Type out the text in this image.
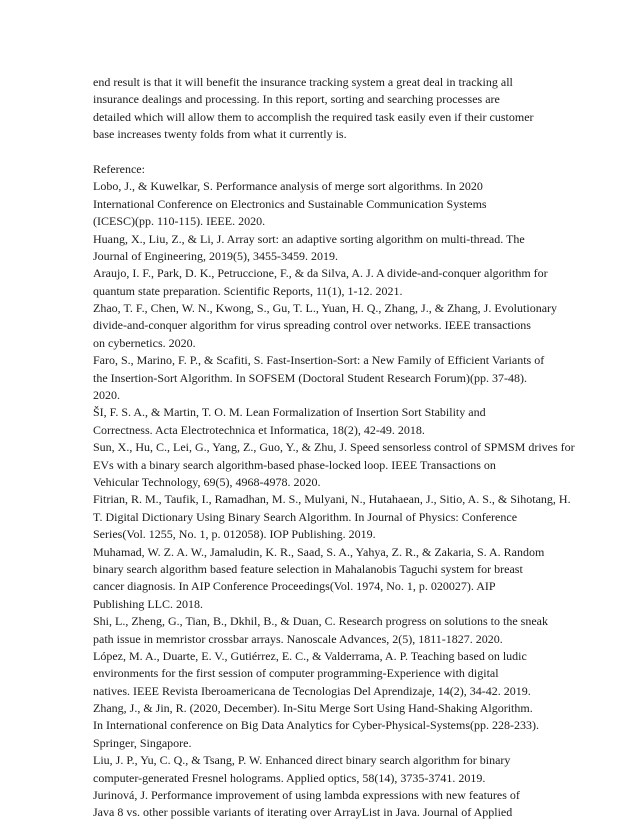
end result is that it will benefit the insurance tracking system a great deal in tracking all
insurance dealings and processing. In this report, sorting and searching processes are
detailed which will allow them to accomplish the required task easily even if their customer
base increases twenty folds from what it currently is.
Reference:
Lobo, J., & Kuwelkar, S. Performance analysis of merge sort algorithms. In 2020
International Conference on Electronics and Sustainable Communication Systems
(ICESC)(pp. 110-115). IEEE. 2020.
Huang, X., Liu, Z., & Li, J. Array sort: an adaptive sorting algorithm on multi-thread. The
Journal of Engineering, 2019(5), 3455-3459. 2019.
Araujo, I. F., Park, D. K., Petruccione, F., & da Silva, A. J. A divide-and-conquer algorithm for
quantum state preparation. Scientific Reports, 11(1), 1-12. 2021.
Zhao, T. F., Chen, W. N., Kwong, S., Gu, T. L., Yuan, H. Q., Zhang, J., & Zhang, J. Evolutionary
divide-and-conquer algorithm for virus spreading control over networks. IEEE transactions
on cybernetics. 2020.
Faro, S., Marino, F. P., & Scafiti, S. Fast-Insertion-Sort: a New Family of Efficient Variants of
the Insertion-Sort Algorithm. In SOFSEM (Doctoral Student Research Forum)(pp. 37-48).
2020.
ŠI, F. S. A., & Martin, T. O. M. Lean Formalization of Insertion Sort Stability and
Correctness. Acta Electrotechnica et Informatica, 18(2), 42-49. 2018.
Sun, X., Hu, C., Lei, G., Yang, Z., Guo, Y., & Zhu, J. Speed sensorless control of SPMSM drives for
EVs with a binary search algorithm-based phase-locked loop. IEEE Transactions on
Vehicular Technology, 69(5), 4968-4978. 2020.
Fitrian, R. M., Taufik, I., Ramadhan, M. S., Mulyani, N., Hutahaean, J., Sitio, A. S., & Sihotang, H.
T. Digital Dictionary Using Binary Search Algorithm. In Journal of Physics: Conference
Series(Vol. 1255, No. 1, p. 012058). IOP Publishing. 2019.
Muhamad, W. Z. A. W., Jamaludin, K. R., Saad, S. A., Yahya, Z. R., & Zakaria, S. A. Random
binary search algorithm based feature selection in Mahalanobis Taguchi system for breast
cancer diagnosis. In AIP Conference Proceedings(Vol. 1974, No. 1, p. 020027). AIP
Publishing LLC. 2018.
Shi, L., Zheng, G., Tian, B., Dkhil, B., & Duan, C. Research progress on solutions to the sneak
path issue in memristor crossbar arrays. Nanoscale Advances, 2(5), 1811-1827. 2020.
López, M. A., Duarte, E. V., Gutiérrez, E. C., & Valderrama, A. P. Teaching based on ludic
environments for the first session of computer programming-Experience with digital
natives. IEEE Revista Iberoamericana de Tecnologias Del Aprendizaje, 14(2), 34-42. 2019.
Zhang, J., & Jin, R. (2020, December). In-Situ Merge Sort Using Hand-Shaking Algorithm.
In International conference on Big Data Analytics for Cyber-Physical-Systems(pp. 228-233).
Springer, Singapore.
Liu, J. P., Yu, C. Q., & Tsang, P. W. Enhanced direct binary search algorithm for binary
computer-generated Fresnel holograms. Applied optics, 58(14), 3735-3741. 2019.
Jurinová, J. Performance improvement of using lambda expressions with new features of
Java 8 vs. other possible variants of iterating over ArrayList in Java. Journal of Applied
